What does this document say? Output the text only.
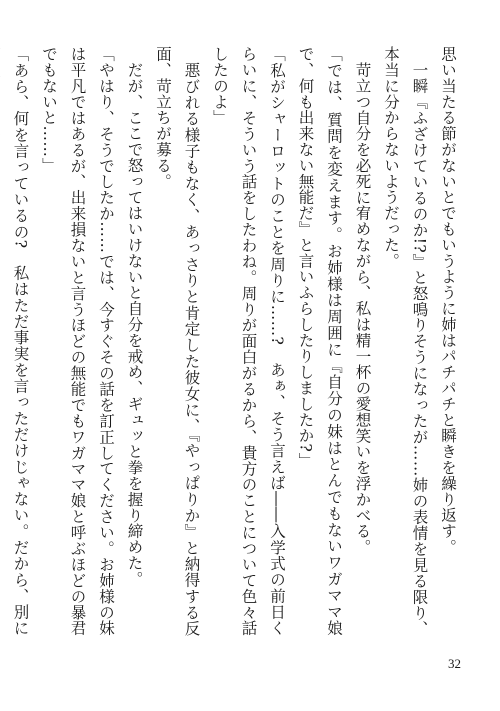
思い当たる節がないとでもいうように姉はパチパチと瞬きを繰り返す。

一瞬『ふざけているのか!?』と怒鳴りそうになったが……姉の表情を見る限り、本当に分からないようだった。

苛立つ自分を必死に宥めながら、私は精一杯の愛想笑いを浮かべる。

「では、質問を変えます。お姉様は周囲に『自分の妹はとんでもないワガママ娘で、何も出来ない無能だ』と言いふらしたりしましたか?」

「私がシャーロットのことを周りに……?　あぁ、そう言えば――入学式の前日くらいに、そういう話をしたわね。周りが面白がるから、貴方のことについて色々話したのよ」

悪びれる様子もなく、あっさりと肯定した彼女に、『やっぱりか』と納得する反面、苛立ちが募る。

だが、ここで怒ってはいけないと自分を戒め、ギュッと拳を握り締めた。

「やはり、そうでしたか……では、今すぐその話を訂正してください。お姉様の妹は平凡ではあるが、出来損ないと言うほどの無能でもワガママ娘と呼ぶほどの暴君でもないと……」

「あら、何を言っているの?　私はただ事実を言っただけじゃない。だから、別に

32
